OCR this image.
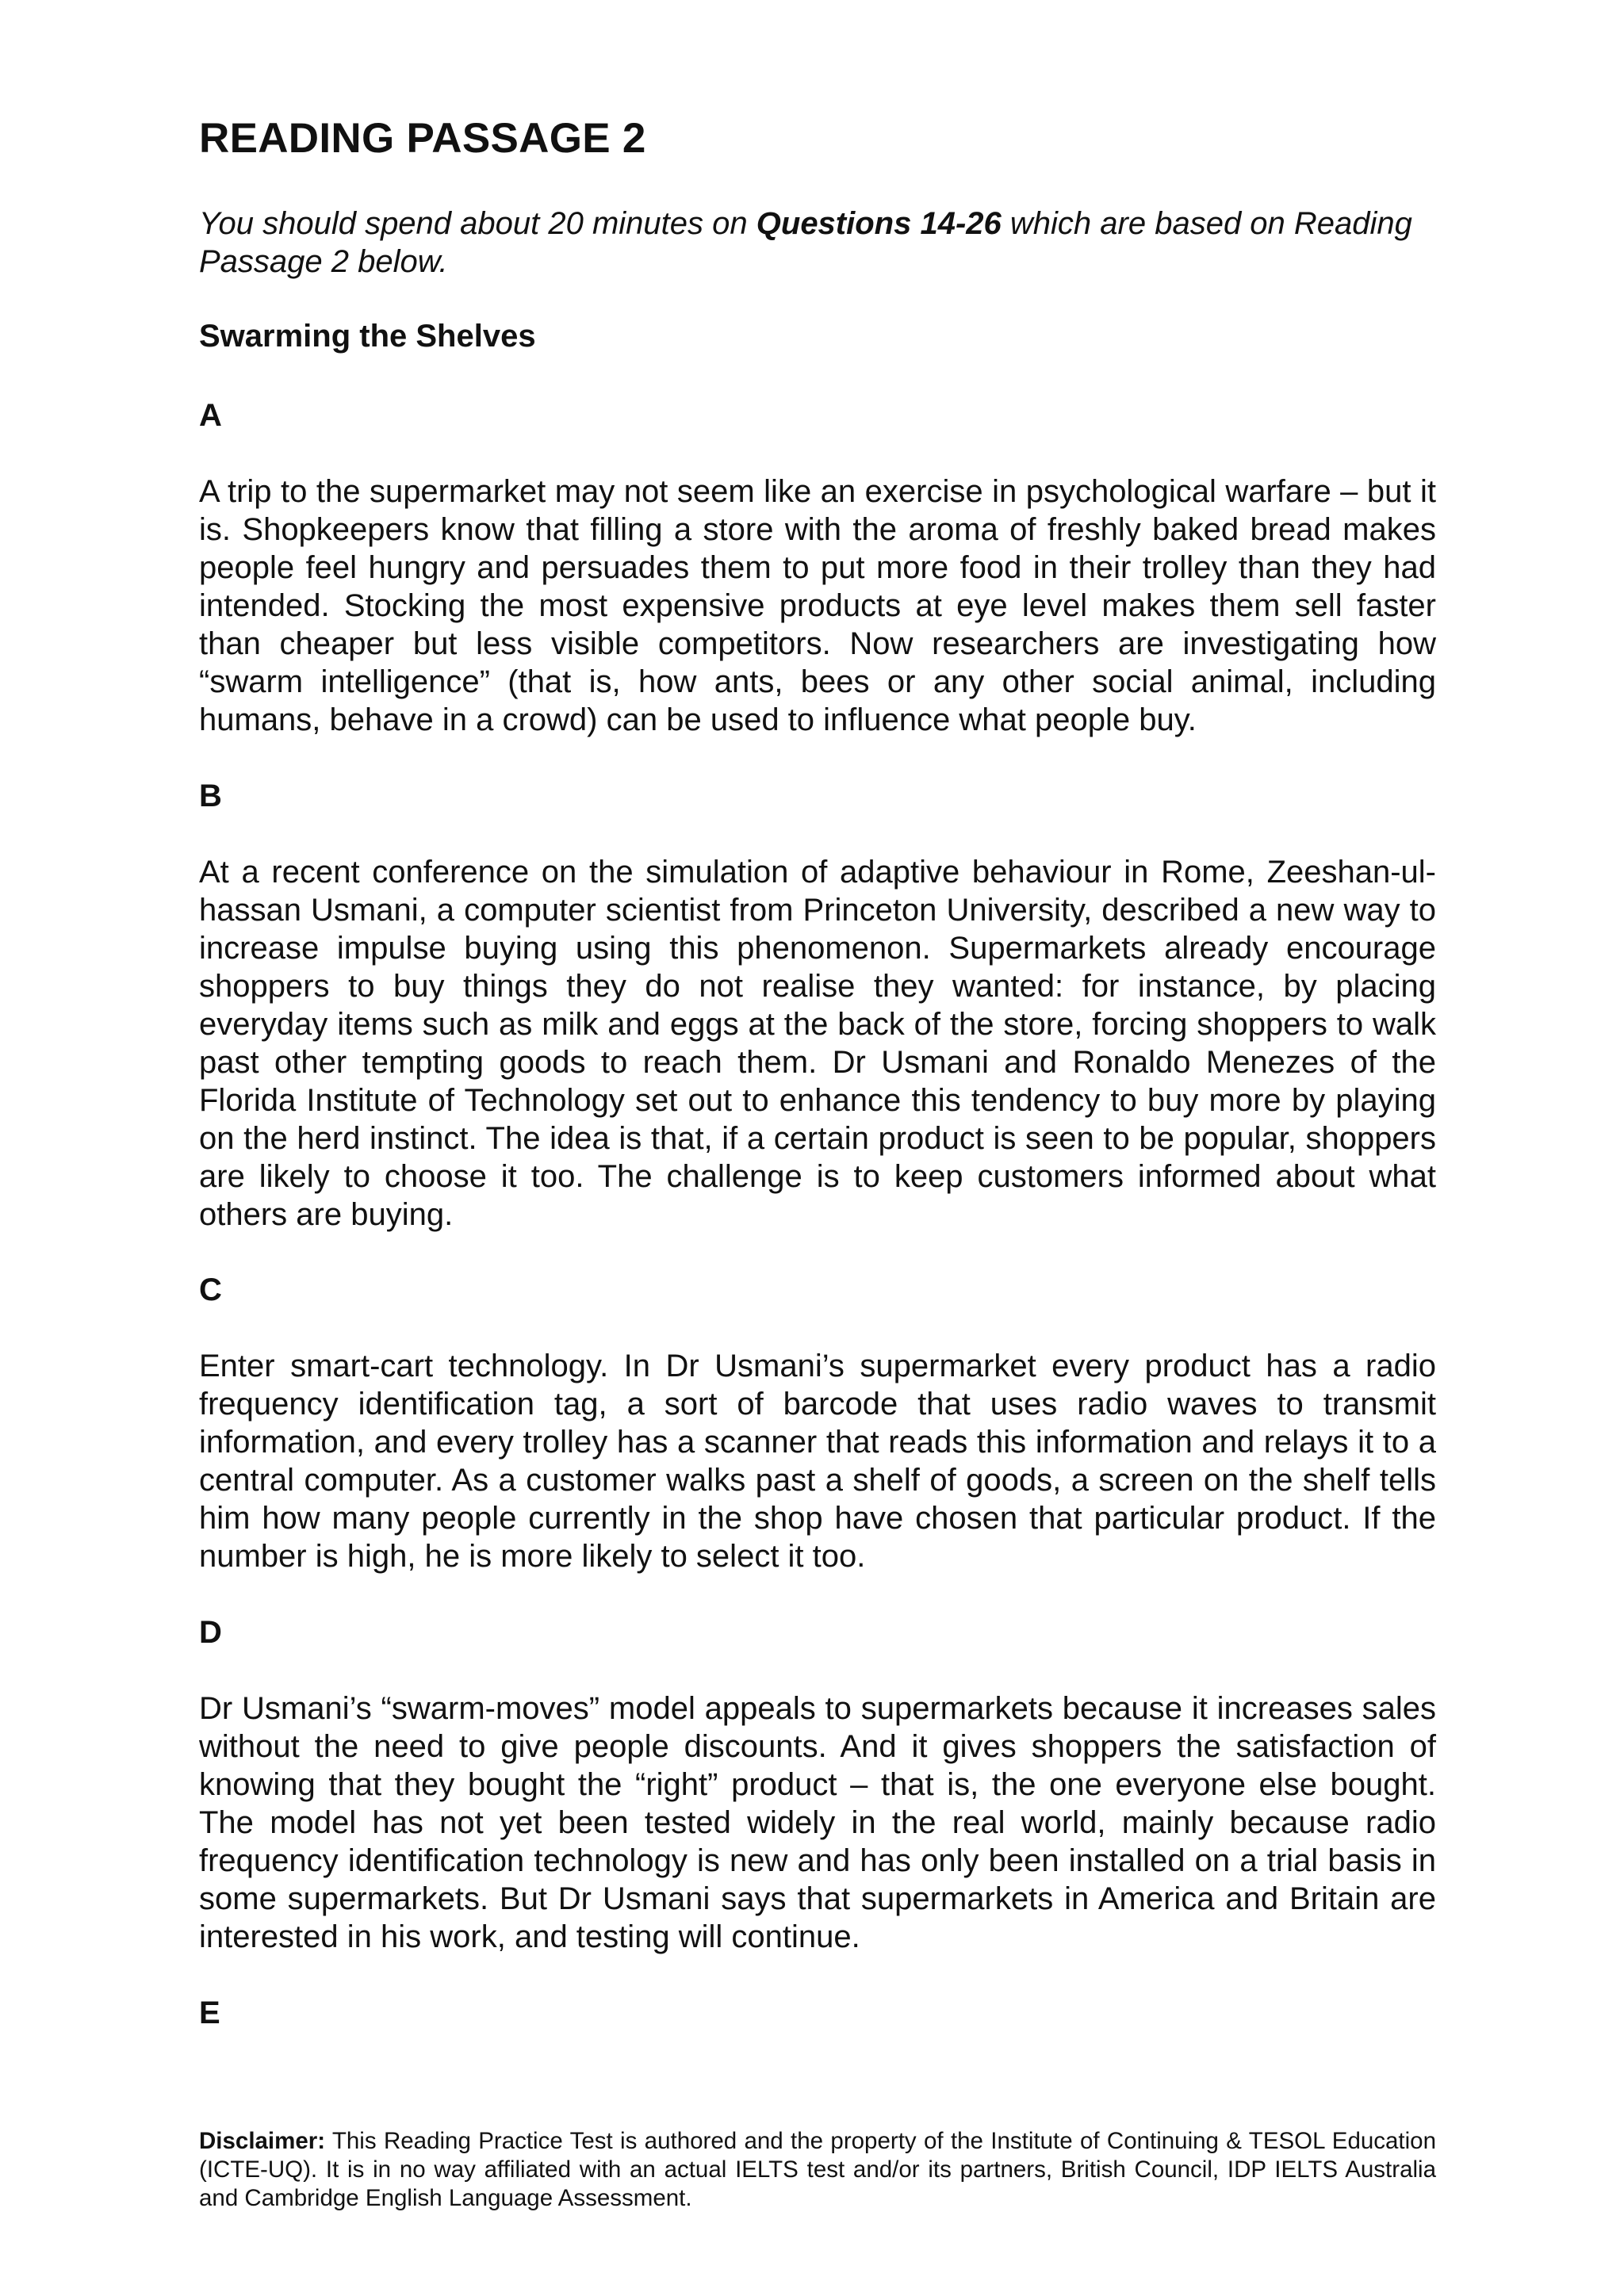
READING PASSAGE 2

You should spend about 20 minutes on Questions 14-26 which are based on Reading Passage 2 below.

Swarming the Shelves
A

A trip to the supermarket may not seem like an exercise in psychological warfare – but it is. Shopkeepers know that filling a store with the aroma of freshly baked bread makes people feel hungry and persuades them to put more food in their trolley than they had intended. Stocking the most expensive products at eye level makes them sell faster than cheaper but less visible competitors. Now researchers are investigating how “swarm intelligence” (that is, how ants, bees or any other social animal, including humans, behave in a crowd) can be used to influence what people buy.

B

At a recent conference on the simulation of adaptive behaviour in Rome, Zeeshan-ul-hassan Usmani, a computer scientist from Princeton University, described a new way to increase impulse buying using this phenomenon. Supermarkets already encourage shoppers to buy things they do not realise they wanted: for instance, by placing everyday items such as milk and eggs at the back of the store, forcing shoppers to walk past other tempting goods to reach them. Dr Usmani and Ronaldo Menezes of the Florida Institute of Technology set out to enhance this tendency to buy more by playing on the herd instinct. The idea is that, if a certain product is seen to be popular, shoppers are likely to choose it too. The challenge is to keep customers informed about what others are buying.

C

Enter smart-cart technology. In Dr Usmani’s supermarket every product has a radio frequency identification tag, a sort of barcode that uses radio waves to transmit information, and every trolley has a scanner that reads this information and relays it to a central computer. As a customer walks past a shelf of goods, a screen on the shelf tells him how many people currently in the shop have chosen that particular product. If the number is high, he is more likely to select it too.

D

Dr Usmani’s “swarm-moves” model appeals to supermarkets because it increases sales without the need to give people discounts. And it gives shoppers the satisfaction of knowing that they bought the “right” product – that is, the one everyone else bought. The model has not yet been tested widely in the real world, mainly because radio frequency identification technology is new and has only been installed on a trial basis in some supermarkets. But Dr Usmani says that supermarkets in America and Britain are interested in his work, and testing will continue.

E

Disclaimer: This Reading Practice Test is authored and the property of the Institute of Continuing & TESOL Education (ICTE-UQ). It is in no way affiliated with an actual IELTS test and/or its partners, British Council, IDP IELTS Australia and Cambridge English Language Assessment.
